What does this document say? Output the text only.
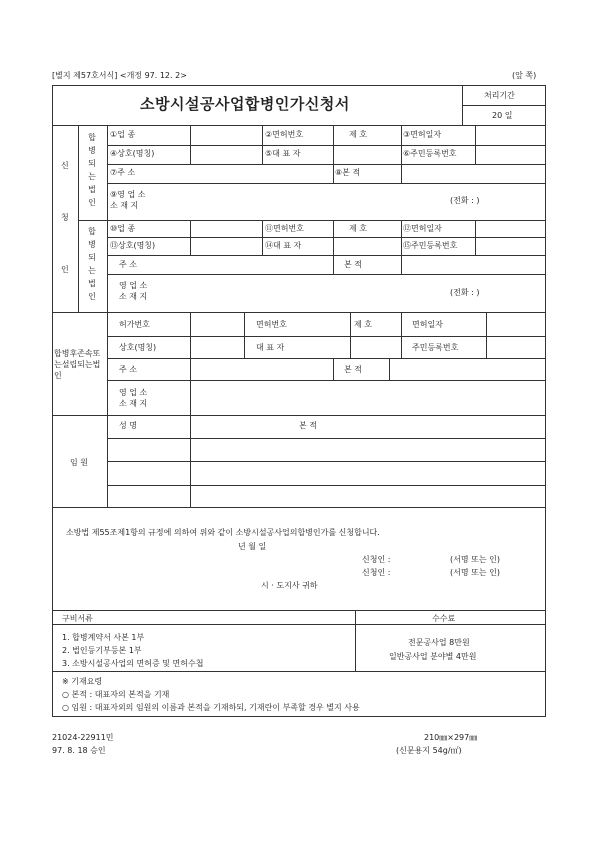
[별지 제57호서식] <개정 97. 12. 2>	(앞 쪽)
소방시설공사업합병인가신청서	처리기간
20 일
신
청
인
합병되는법인
합병되는법인
①업 종	②면허번호	제 호	③면허일자
④상호(명칭)	⑤대 표 자	⑥주민등록번호
⑦주 소	⑧본 적
⑨영 업 소
소 재 지
(전화 : )
⑩업 종	⑪면허번호	제 호	⑫면허일자
⑬상호(명칭)	⑭대 표 자	⑮주민등록번호
주 소	본 적
영 업 소
소 재 지	(전화 : )
합병후존속또는설립되는법인
허가번호	면허번호	제 호	면허일자
상호(명칭)	대 표 자	주민등록번호
주 소	본 적
영 업 소
소 재 지
임 원
성 명	본 적
소방법 제55조제1항의 규정에 의하여 위와 같이 소방시설공사업의합병인가를 신청합니다.
년 월 일
신청인 :	(서명 또는 인)
신청인 :	(서명 또는 인)
시 · 도지사 귀하
구비서류	수수료
1. 합병계약서 사본 1부
2. 법인등기부등본 1부
3. 소방시설공사업의 면허증 및 면허수첩
전문공사업 8만원
일반공사업 분야별 4만원
※ 기재요령
○ 본적 : 대표자의 본적을 기재
○ 임원 : 대표자외의 임원의 이름과 본적을 기재하되, 기재란이 부족할 경우 별지 사용
21024-22911민
97. 8. 18 승인
210㎜×297㎜
(신문용지 54g/㎡)
